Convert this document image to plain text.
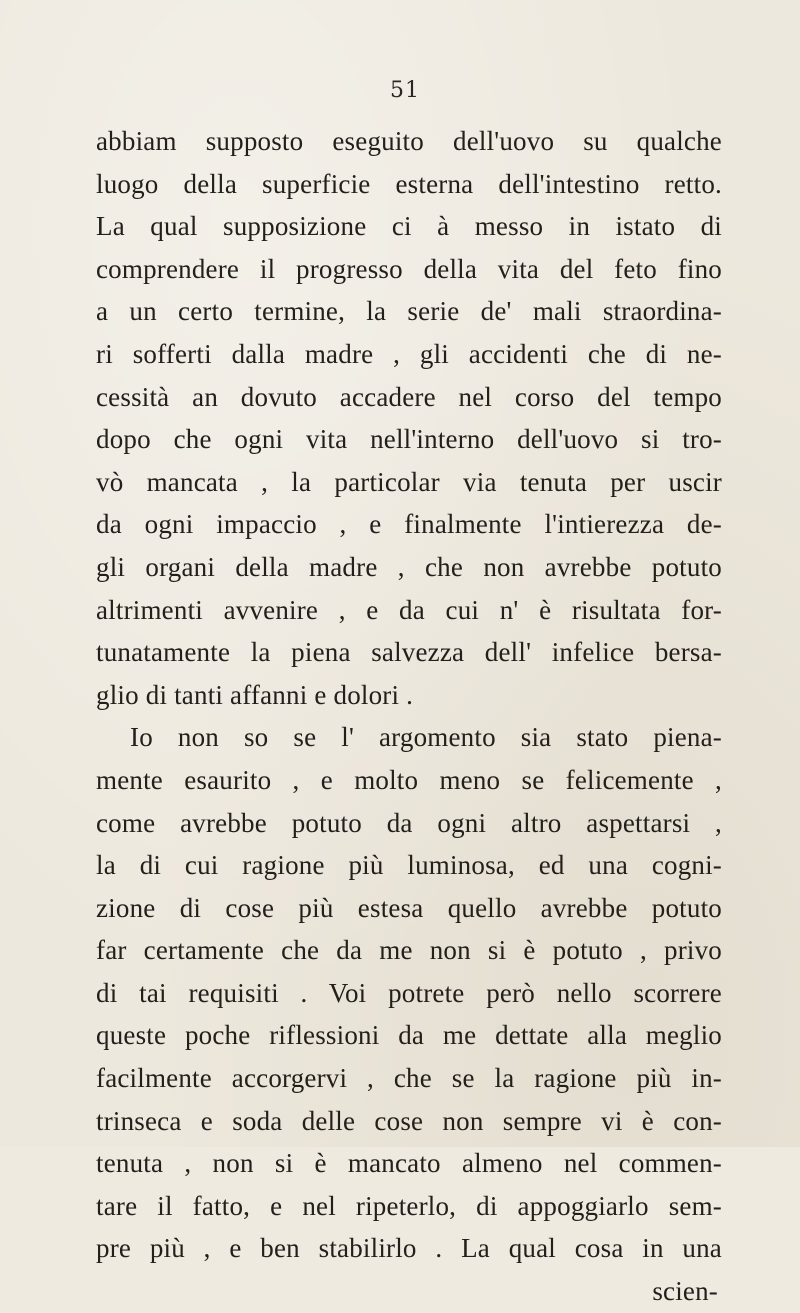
51
abbiam supposto eseguito dell'uovo su qualche
luogo della superficie esterna dell'intestino retto.
La qual supposizione ci à messo in istato di
comprendere il progresso della vita del feto fino
a un certo termine, la serie de' mali straordina-
ri sofferti dalla madre , gli accidenti che di ne-
cessità an dovuto accadere nel corso del tempo
dopo che ogni vita nell'interno dell'uovo si tro-
vò mancata , la particolar via tenuta per uscir
da ogni impaccio , e finalmente l'intierezza de-
gli organi della madre , che non avrebbe potuto
altrimenti avvenire , e da cui n' è risultata for-
tunatamente la piena salvezza dell' infelice bersa-
glio di tanti affanni e dolori .
Io non so se l' argomento sia stato piena-
mente esaurito , e molto meno se felicemente ,
come avrebbe potuto da ogni altro aspettarsi ,
la di cui ragione più luminosa, ed una cogni-
zione di cose più estesa quello avrebbe potuto
far certamente che da me non si è potuto , privo
di tai requisiti . Voi potrete però nello scorrere
queste poche riflessioni da me dettate alla meglio
facilmente accorgervi , che se la ragione più in-
trinseca e soda delle cose non sempre vi è con-
tenuta , non si è mancato almeno nel commen-
tare il fatto, e nel ripeterlo, di appoggiarlo sem-
pre più , e ben stabilirlo . La qual cosa in una
scien-
